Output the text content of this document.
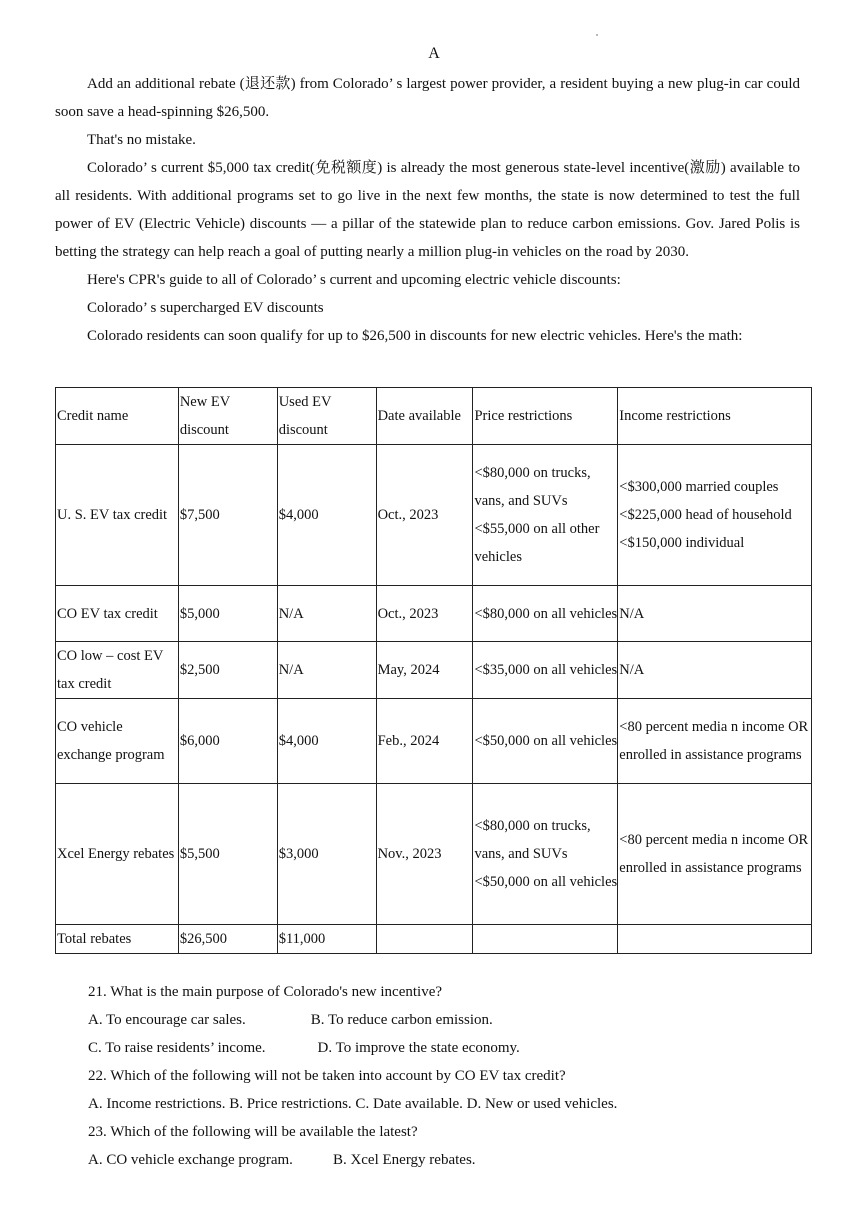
A

Add an additional rebate (退还款) from Colorado’ s largest power provider, a resident buying a new plug-in car could soon save a head-spinning $26,500.

That's no mistake.

Colorado’ s current $5,000 tax credit(免税额度) is already the most generous state-level incentive(激励) available to all residents. With additional programs set to go live in the next few months, the state is now determined to test the full power of EV (Electric Vehicle) discounts — a pillar of the statewide plan to reduce carbon emissions. Gov. Jared Polis is betting the strategy can help reach a goal of putting nearly a million plug-in vehicles on the road by 2030.

Here's CPR's guide to all of Colorado’ s current and upcoming electric vehicle discounts:

Colorado’ s supercharged EV discounts

Colorado residents can soon qualify for up to $26,500 in discounts for new electric vehicles. Here's the math:

Credit name	New EV discount	Used EV discount	Date available	Price restrictions	Income restrictions
U. S. EV tax credit	$7,500	$4,000	Oct., 2023	<$80,000 on trucks, vans, and SUVs <$55,000 on all other vehicles	<$300,000 married couples <$225,000 head of household <$150,000 individual
CO EV tax credit	$5,000	N/A	Oct., 2023	<$80,000 on all vehicles	N/A
CO low – cost EV tax credit	$2,500	N/A	May, 2024	<$35,000 on all vehicles	N/A
CO vehicle exchange program	$6,000	$4,000	Feb., 2024	<$50,000 on all vehicles	<80 percent media n income OR enrolled in assistance programs
Xcel Energy rebates	$5,500	$3,000	Nov., 2023	<$80,000 on trucks, vans, and SUVs <$50,000 on all vehicles	<80 percent media n income OR enrolled in assistance programs
Total rebates	$26,500	$11,000			
21. What is the main purpose of Colorado's new incentive?
A. To encourage car sales.	B. To reduce carbon emission.
C. To raise residents’ income.	D. To improve the state economy.
22. Which of the following will not be taken into account by CO EV tax credit?
A. Income restrictions. B. Price restrictions. C. Date available. D. New or used vehicles.
23. Which of the following will be available the latest?
A. CO vehicle exchange program.	B. Xcel Energy rebates.
